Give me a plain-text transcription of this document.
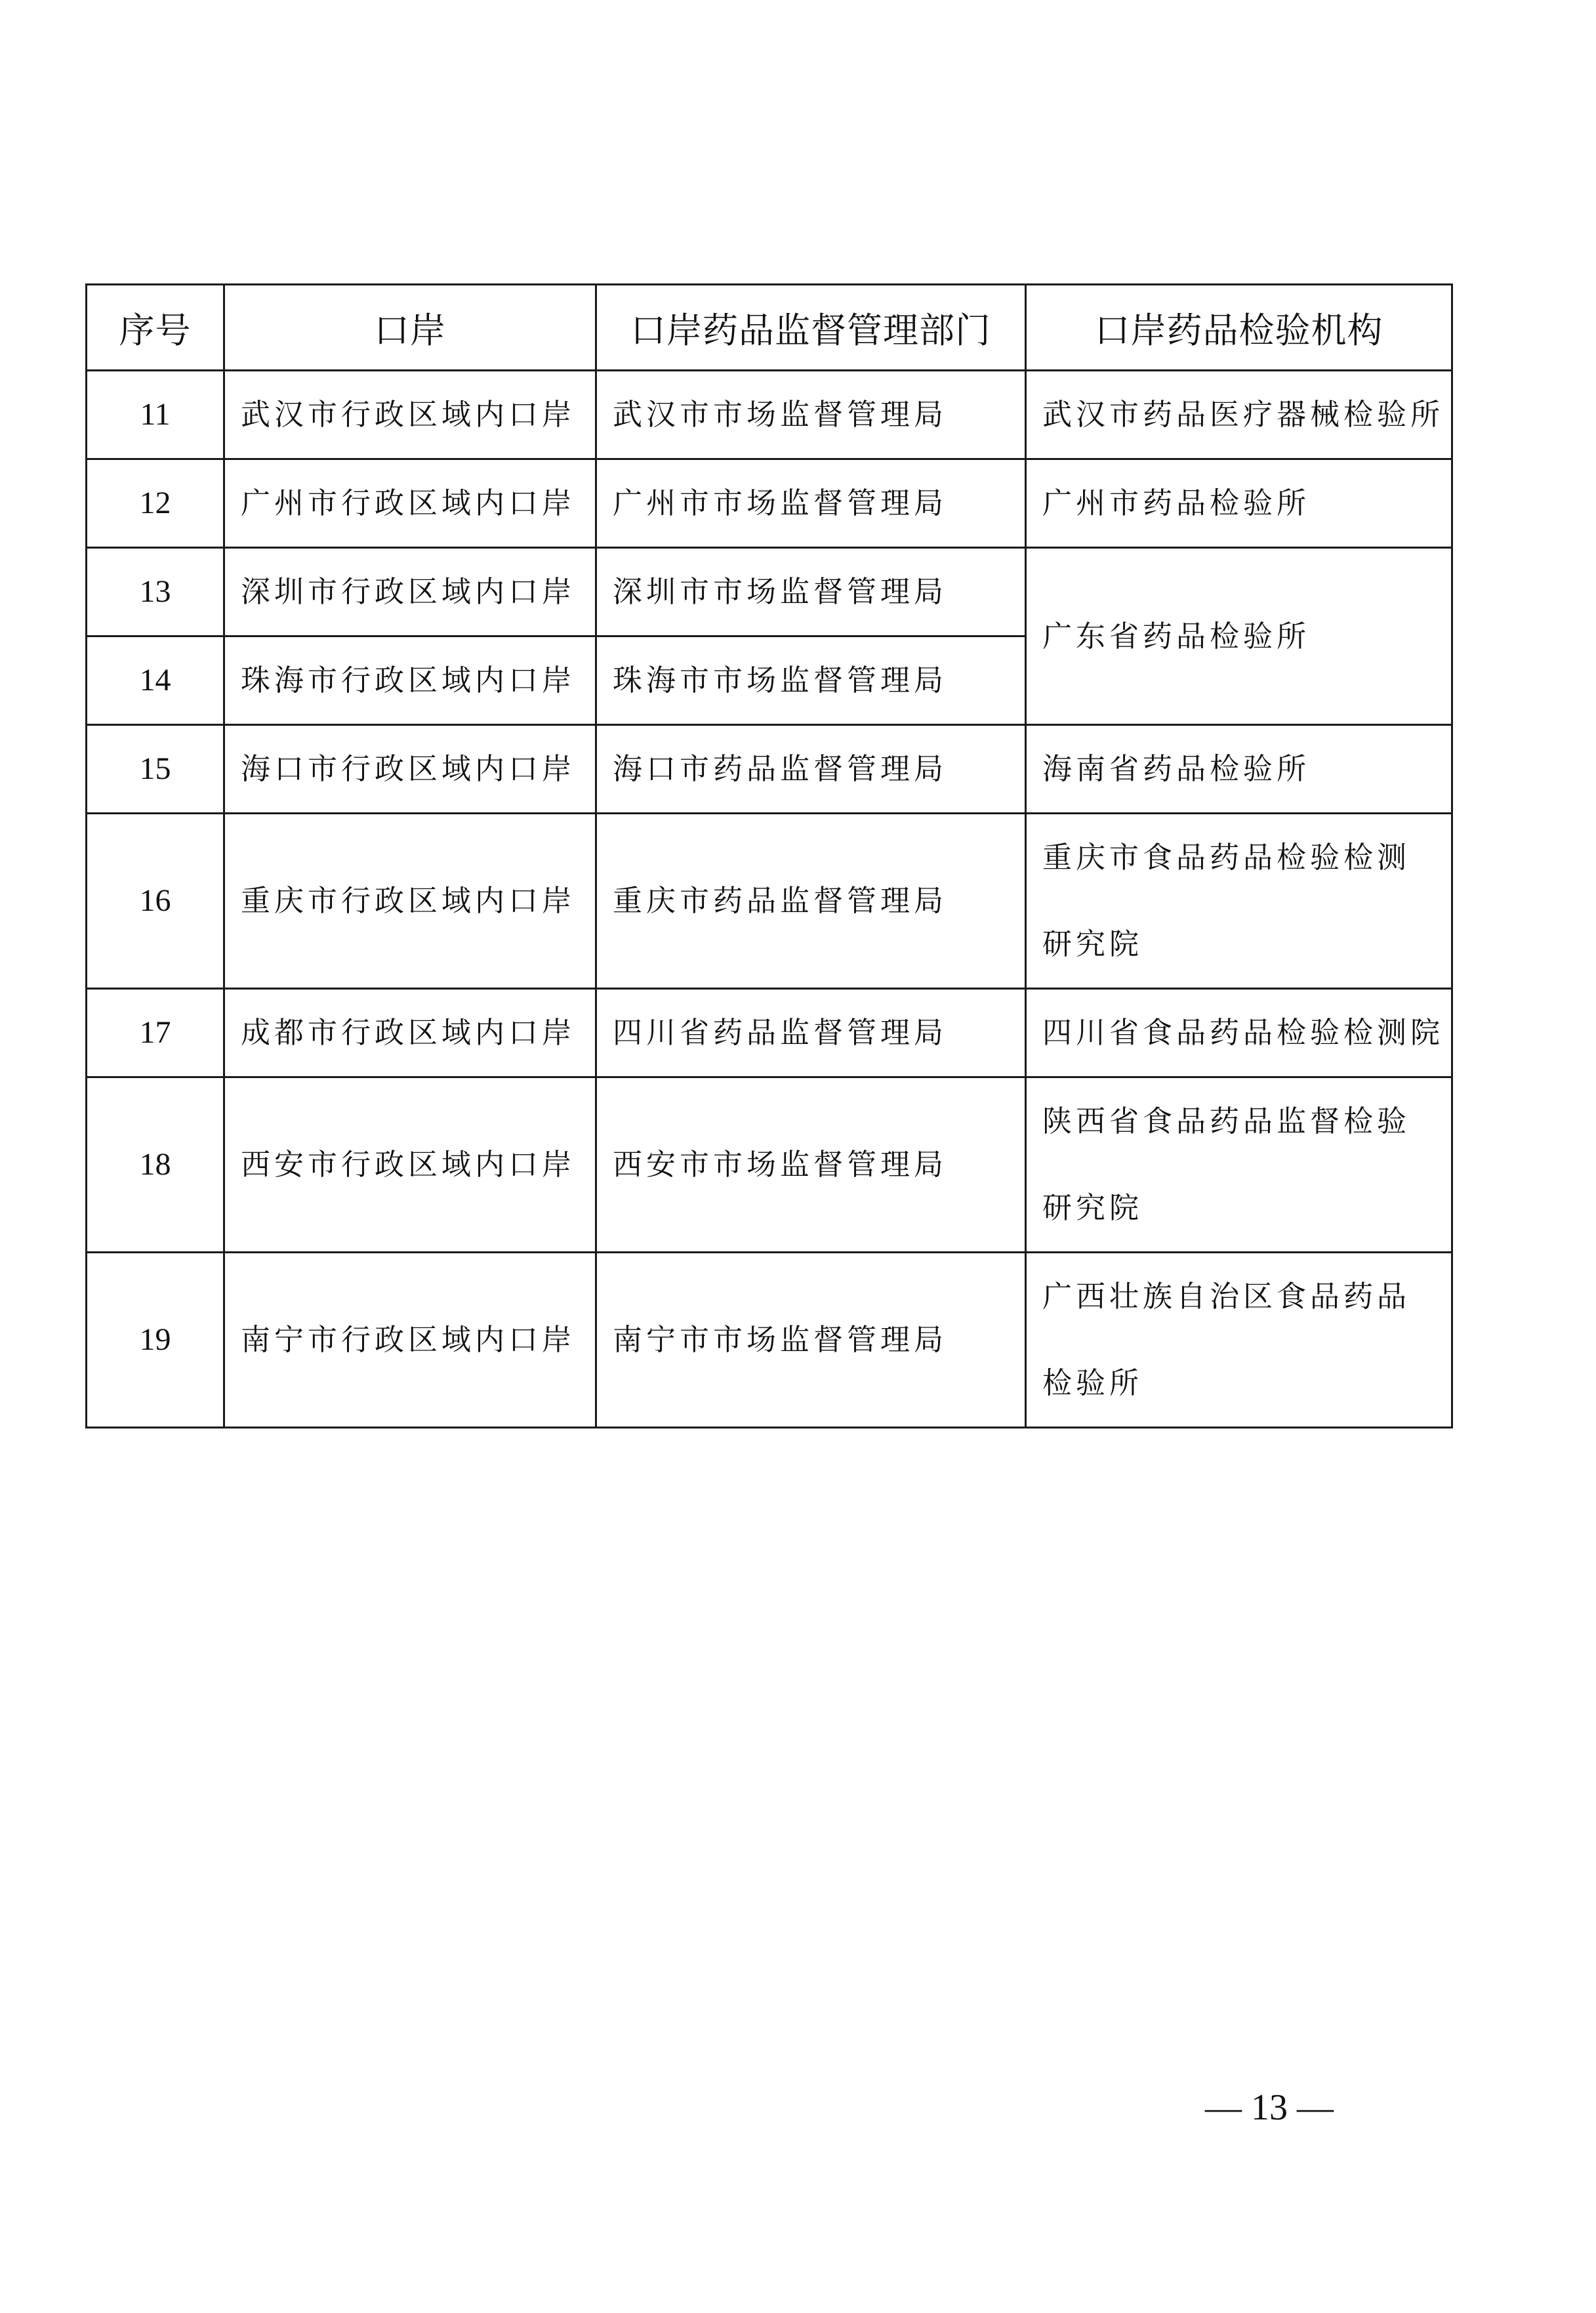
序号	口岸	口岸药品监督管理部门	口岸药品检验机构
11	武汉市行政区域内口岸	武汉市市场监督管理局	武汉市药品医疗器械检验所
12	广州市行政区域内口岸	广州市市场监督管理局	广州市药品检验所
13	深圳市行政区域内口岸	深圳市市场监督管理局	广东省药品检验所
14	珠海市行政区域内口岸	珠海市市场监督管理局	
15	海口市行政区域内口岸	海口市药品监督管理局	海南省药品检验所
16	重庆市行政区域内口岸	重庆市药品监督管理局	重庆市食品药品检验检测研究院
17	成都市行政区域内口岸	四川省药品监督管理局	四川省食品药品检验检测院
18	西安市行政区域内口岸	西安市市场监督管理局	陕西省食品药品监督检验研究院
19	南宁市行政区域内口岸	南宁市市场监督管理局	广西壮族自治区食品药品检验所
— 13 —
